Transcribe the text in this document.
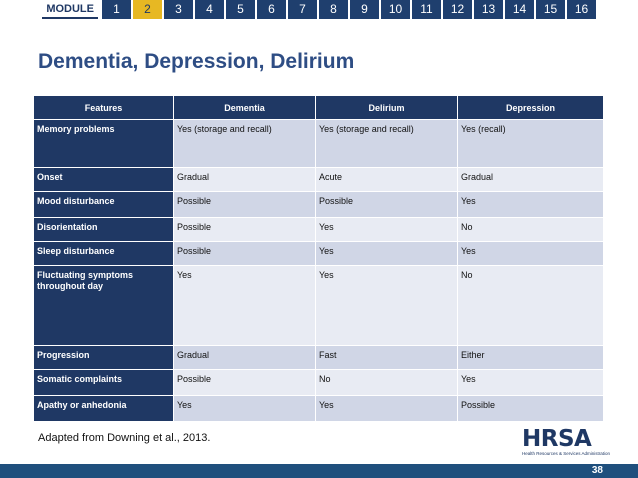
MODULE	1	2	3	4	5	6	7	8	9	10	11	12	13	14	15	16
Dementia, Depression, Delirium
Features	Dementia	Delirium	Depression
Memory problems	Yes (storage and recall)	Yes (storage and recall)	Yes (recall)
Onset	Gradual	Acute	Gradual
Mood disturbance	Possible	Possible	Yes
Disorientation	Possible	Yes	No
Sleep disturbance	Possible	Yes	Yes
Fluctuating symptoms throughout day	Yes	Yes	No
Progression	Gradual	Fast	Either
Somatic complaints	Possible	No	Yes
Apathy or anhedonia	Yes	Yes	Possible
Adapted from Downing et al., 2013.	HRSA
Health Resources & Services Administration
38
